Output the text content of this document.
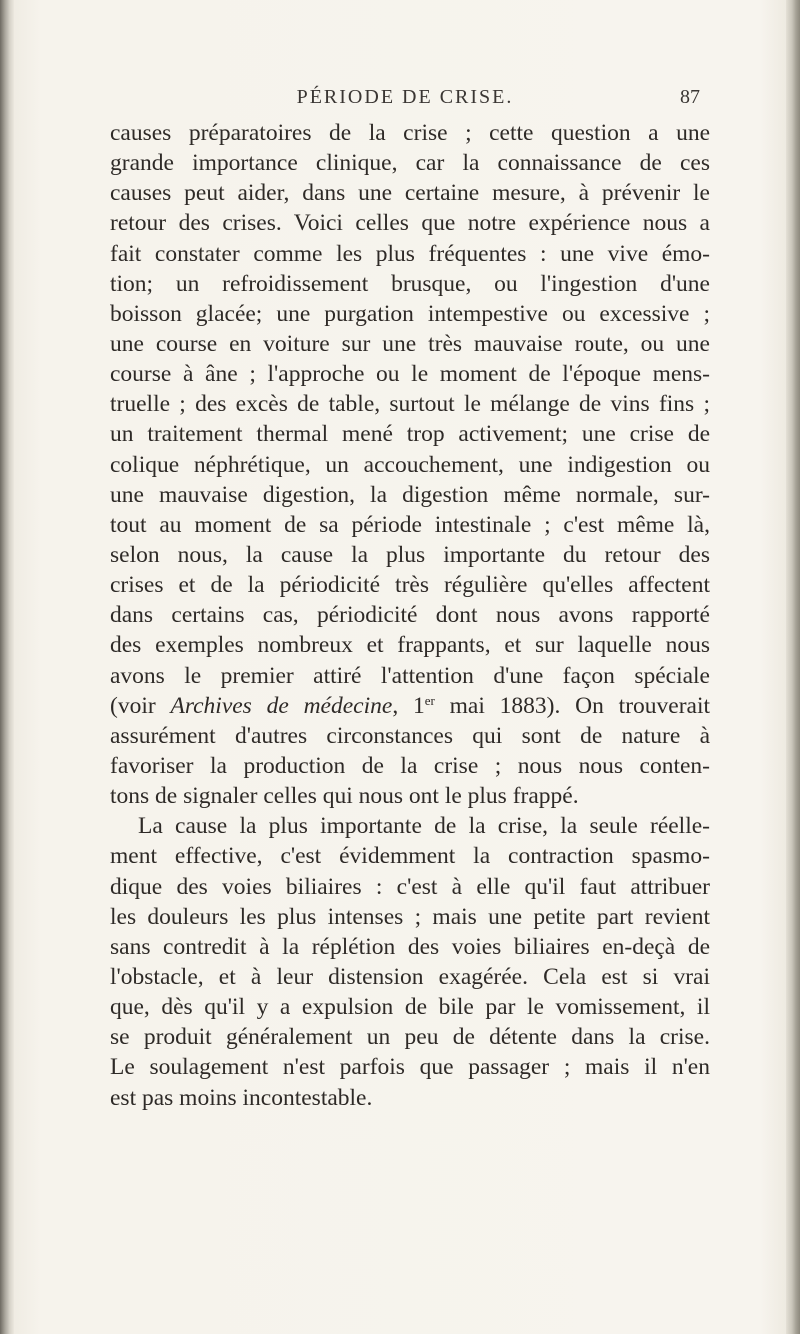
PÉRIODE DE CRISE.	87
causes préparatoires de la crise ; cette question a une
grande importance clinique, car la connaissance de ces
causes peut aider, dans une certaine mesure, à prévenir le
retour des crises. Voici celles que notre expérience nous a
fait constater comme les plus fréquentes : une vive émo-
tion; un refroidissement brusque, ou l'ingestion d'une
boisson glacée; une purgation intempestive ou excessive ;
une course en voiture sur une très mauvaise route, ou une
course à âne ; l'approche ou le moment de l'époque mens-
truelle ; des excès de table, surtout le mélange de vins fins ;
un traitement thermal mené trop activement; une crise de
colique néphrétique, un accouchement, une indigestion ou
une mauvaise digestion, la digestion même normale, sur-
tout au moment de sa période intestinale ; c'est même là,
selon nous, la cause la plus importante du retour des
crises et de la périodicité très régulière qu'elles affectent
dans certains cas, périodicité dont nous avons rapporté
des exemples nombreux et frappants, et sur laquelle nous
avons le premier attiré l'attention d'une façon spéciale
(voir Archives de médecine, 1er mai 1883). On trouverait
assurément d'autres circonstances qui sont de nature à
favoriser la production de la crise ; nous nous conten-
tons de signaler celles qui nous ont le plus frappé.
La cause la plus importante de la crise, la seule réelle-
ment effective, c'est évidemment la contraction spasmo-
dique des voies biliaires : c'est à elle qu'il faut attribuer
les douleurs les plus intenses ; mais une petite part revient
sans contredit à la réplétion des voies biliaires en-deçà de
l'obstacle, et à leur distension exagérée. Cela est si vrai
que, dès qu'il y a expulsion de bile par le vomissement, il
se produit généralement un peu de détente dans la crise.
Le soulagement n'est parfois que passager ; mais il n'en
est pas moins incontestable.
